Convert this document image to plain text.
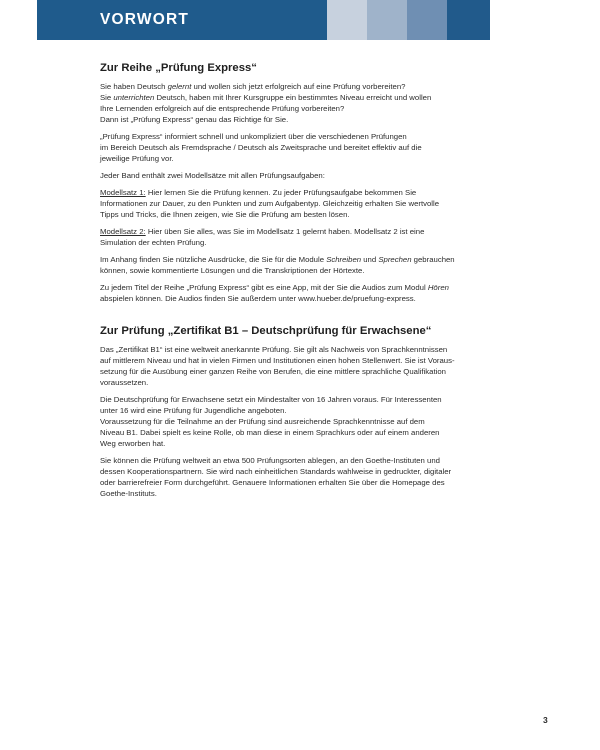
VORWORT
Zur Reihe „Prüfung Express“

Sie haben Deutsch gelernt und wollen sich jetzt erfolgreich auf eine Prüfung vorbereiten?
Sie unterrichten Deutsch, haben mit Ihrer Kursgruppe ein bestimmtes Niveau erreicht und wollen
Ihre Lernenden erfolgreich auf die entsprechende Prüfung vorbereiten?
Dann ist „Prüfung Express“ genau das Richtige für Sie.

„Prüfung Express“ informiert schnell und unkompliziert über die verschiedenen Prüfungen
im Bereich Deutsch als Fremdsprache / Deutsch als Zweitsprache und bereitet effektiv auf die
jeweilige Prüfung vor.

Jeder Band enthält zwei Modellsätze mit allen Prüfungsaufgaben:

Modellsatz 1: Hier lernen Sie die Prüfung kennen. Zu jeder Prüfungsaufgabe bekommen Sie
Informationen zur Dauer, zu den Punkten und zum Aufgabentyp. Gleichzeitig erhalten Sie wertvolle
Tipps und Tricks, die Ihnen zeigen, wie Sie die Prüfung am besten lösen.

Modellsatz 2: Hier üben Sie alles, was Sie im Modellsatz 1 gelernt haben. Modellsatz 2 ist eine
Simulation der echten Prüfung.

Im Anhang finden Sie nützliche Ausdrücke, die Sie für die Module Schreiben und Sprechen gebrauchen
können, sowie kommentierte Lösungen und die Transkriptionen der Hörtexte.

Zu jedem Titel der Reihe „Prüfung Express“ gibt es eine App, mit der Sie die Audios zum Modul Hören
abspielen können. Die Audios finden Sie außerdem unter www.hueber.de/pruefung-express.

Zur Prüfung „Zertifikat B1 – Deutschprüfung für Erwachsene“

Das „Zertifikat B1“ ist eine weltweit anerkannte Prüfung. Sie gilt als Nachweis von Sprachkenntnissen
auf mittlerem Niveau und hat in vielen Firmen und Institutionen einen hohen Stellenwert. Sie ist Voraus-
setzung für die Ausübung einer ganzen Reihe von Berufen, die eine mittlere sprachliche Qualifikation
voraussetzen.

Die Deutschprüfung für Erwachsene setzt ein Mindestalter von 16 Jahren voraus. Für Interessenten
unter 16 wird eine Prüfung für Jugendliche angeboten.
Voraussetzung für die Teilnahme an der Prüfung sind ausreichende Sprachkenntnisse auf dem
Niveau B1. Dabei spielt es keine Rolle, ob man diese in einem Sprachkurs oder auf einem anderen
Weg erworben hat.

Sie können die Prüfung weltweit an etwa 500 Prüfungsorten ablegen, an den Goethe-Instituten und
dessen Kooperationspartnern. Sie wird nach einheitlichen Standards wahlweise in gedruckter, digitaler
oder barrierefreier Form durchgeführt. Genauere Informationen erhalten Sie über die Homepage des
Goethe-Instituts.

3
